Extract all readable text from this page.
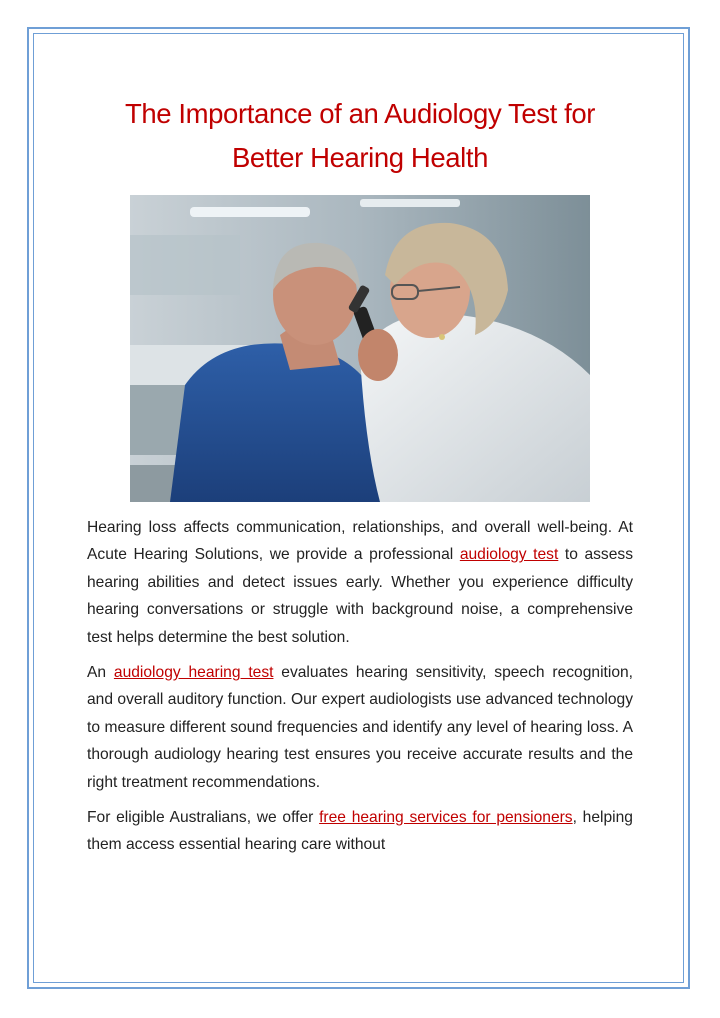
The Importance of an Audiology Test for
Better Hearing Health

Hearing loss affects communication, relationships, and overall well-being. At Acute Hearing Solutions, we provide a professional audiology test to assess hearing abilities and detect issues early. Whether you experience difficulty hearing conversations or struggle with background noise, a comprehensive test helps determine the best solution.

An audiology hearing test evaluates hearing sensitivity, speech recognition, and overall auditory function. Our expert audiologists use advanced technology to measure different sound frequencies and identify any level of hearing loss. A thorough audiology hearing test ensures you receive accurate results and the right treatment recommendations.

For eligible Australians, we offer free hearing services for pensioners, helping them access essential hearing care without
